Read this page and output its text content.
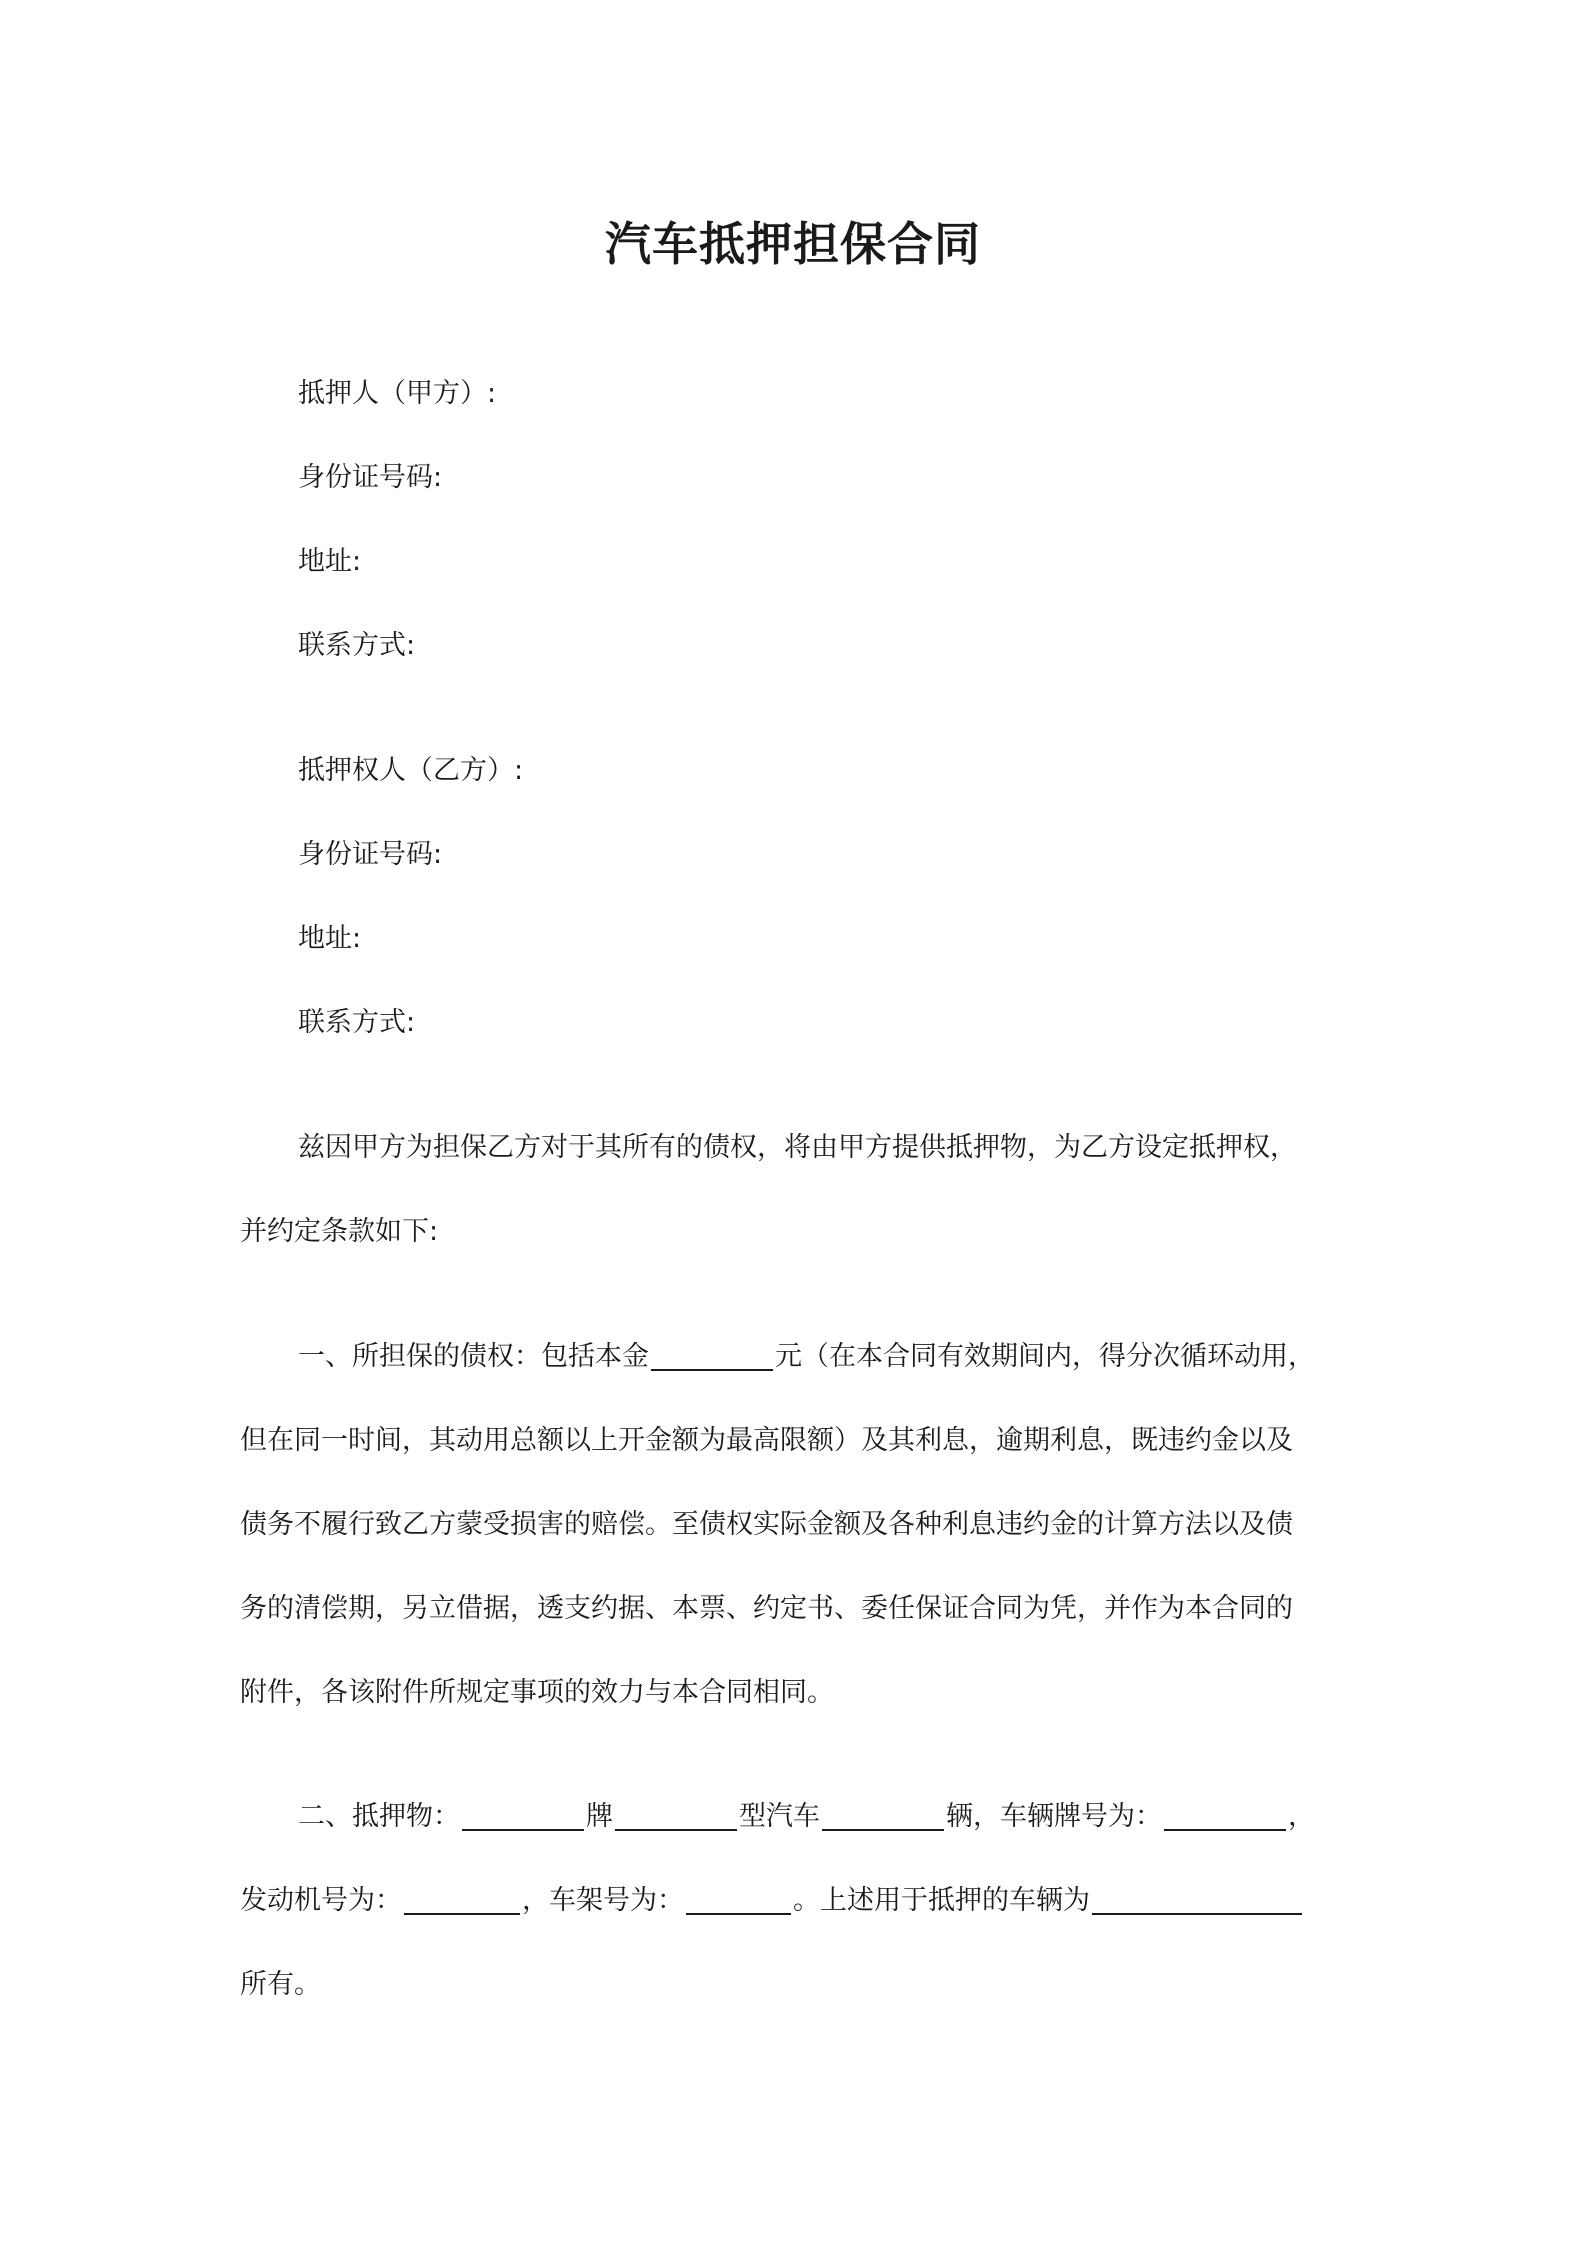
汽车抵押担保合同

抵押人（甲方）:

身份证号码:

地址:

联系方式:

抵押权人（乙方）:

身份证号码:

地址:

联系方式:

兹因甲方为担保乙方对于其所有的债权，将由甲方提供抵押物，为乙方设定抵押权，

并约定条款如下:

一、所担保的债权：包括本金	元（在本合同有效期间内，得分次循环动用，

但在同一时间，其动用总额以上开金额为最高限额）及其利息，逾期利息，既违约金以及

债务不履行致乙方蒙受损害的赔偿。至债权实际金额及各种利息违约金的计算方法以及债

务的清偿期，另立借据，透支约据、本票、约定书、委任保证合同为凭，并作为本合同的

附件，各该附件所规定事项的效力与本合同相同。

二、抵押物：	牌	型汽车	辆，车辆牌号为：	，

发动机号为：	，车架号为：	。上述用于抵押的车辆为

所有。
